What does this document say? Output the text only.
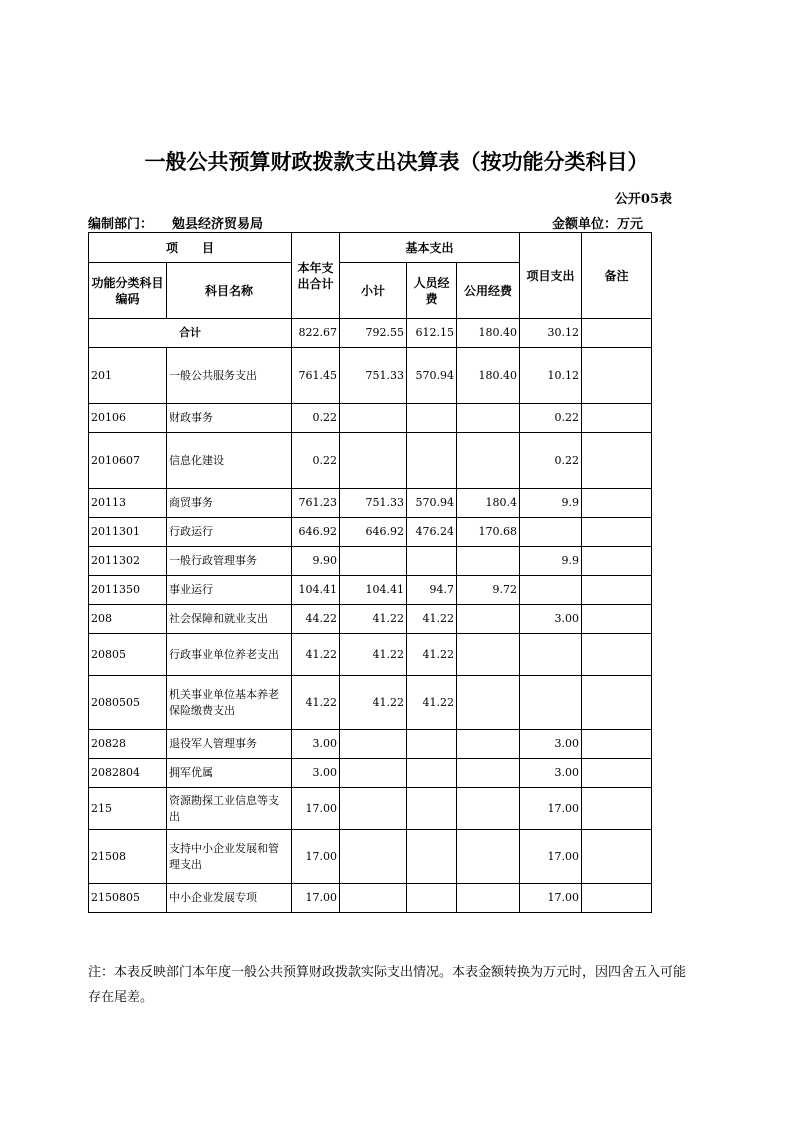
一般公共预算财政拨款支出决算表（按功能分类科目）
公开05表
编制部门： 勉县经济贸易局	金额单位：万元
项　　目		本年支出合计	基本支出			项目支出	备注
功能分类科目编码	科目名称		小计	人员经费	公用经费		
合计		822.67	792.55	612.15	180.40	30.12	
201	一般公共服务支出	761.45	751.33	570.94	180.40	10.12	
20106	财政事务	0.22				0.22	
2010607	信息化建设	0.22				0.22	
20113	商贸事务	761.23	751.33	570.94	180.4	9.9	
2011301	行政运行	646.92	646.92	476.24	170.68		
2011302	一般行政管理事务	9.90				9.9	
2011350	事业运行	104.41	104.41	94.7	9.72		
208	社会保障和就业支出	44.22	41.22	41.22		3.00	
20805	行政事业单位养老支出	41.22	41.22	41.22			
2080505	机关事业单位基本养老保险缴费支出	41.22	41.22	41.22			
20828	退役军人管理事务	3.00				3.00	
2082804	拥军优属	3.00				3.00	
215	资源勘探工业信息等支出	17.00				17.00	
21508	支持中小企业发展和管理支出	17.00				17.00	
2150805	中小企业发展专项	17.00				17.00	
注：本表反映部门本年度一般公共预算财政拨款实际支出情况。本表金额转换为万元时，因四舍五入可能存在尾差。
